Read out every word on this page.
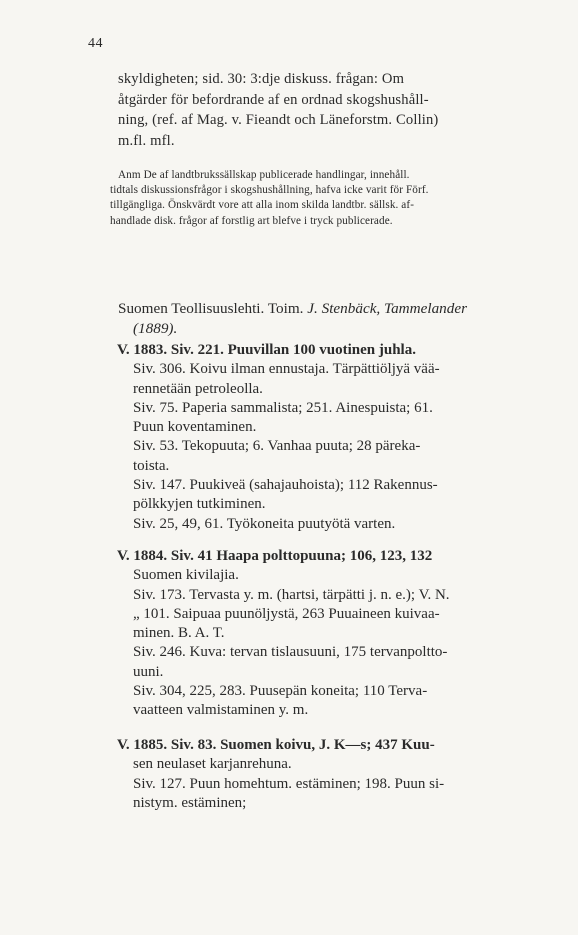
44
skyldigheten; sid. 30: 3:dje diskuss. frågan: Om
åtgärder för befordrande af en ordnad skogshushåll-
ning, (ref. af Mag. v. Fieandt och Läneforstm. Collin)
m.fl. mfl.
Anm De af landtbrukssällskap publicerade handlingar, innehåll.
tidtals diskussionsfrågor i skogshushållning, hafva icke varit för Förf.
tillgängliga. Önskvärdt vore att alla inom skilda landtbr. sällsk. af-
handlade disk. frågor af forstlig art blefve i tryck publicerade.
Suomen Teollisuuslehti. Toim. J. Stenbäck, Tammelander
(1889).
V. 1883. Siv. 221. Puuvillan 100 vuotinen juhla.
Siv. 306. Koivu ilman ennustaja. Tärpättiöljyä vää-
rennetään petroleolla.
Siv. 75. Paperia sammalista; 251. Ainespuista; 61.
Puun koventaminen.
Siv. 53. Tekopuuta; 6. Vanhaa puuta; 28 päreka-
toista.
Siv. 147. Puukiveä (sahajauhoista); 112 Rakennus-
pölkkyjen tutkiminen.
Siv. 25, 49, 61. Työkoneita puutyötä varten.
V. 1884. Siv. 41 Haapa polttopuuna; 106, 123, 132
Suomen kivilajia.
Siv. 173. Tervasta y. m. (hartsi, tärpätti j. n. e.); V. N.
„ 101. Saipuaa puunöljystä, 263 Puuaineen kuivaa-
minen. B. A. T.
Siv. 246. Kuva: tervan tislausuuni, 175 tervanpoltto-
uuni.
Siv. 304, 225, 283. Puusepän koneita; 110 Terva-
vaatteen valmistaminen y. m.
V. 1885. Siv. 83. Suomen koivu, J. K—s; 437 Kuu-
sen neulaset karjanrehuna.
Siv. 127. Puun homehtum. estäminen; 198. Puun si-
nistym. estäminen;
